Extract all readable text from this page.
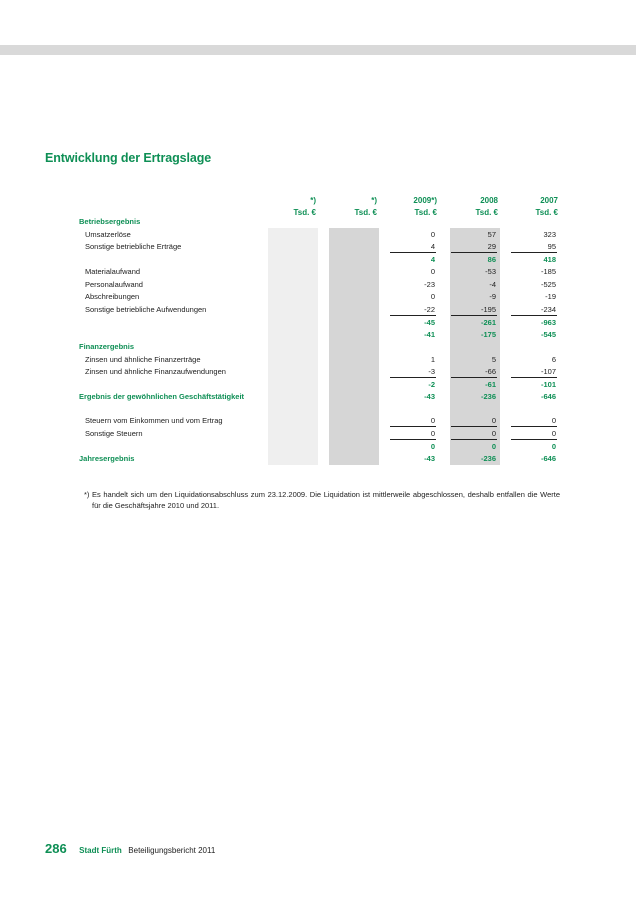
Entwicklung der Ertragslage
*)	*)	2009*)	2008	2007
Tsd. €	Tsd. €	Tsd. €	Tsd. €	Tsd. €
Betriebsergebnis
Umsatzerlöse	0	57	323
Sonstige betriebliche Erträge	4	29	95
4	86	418
Materialaufwand	0	-53	-185
Personalaufwand	-23	-4	-525
Abschreibungen	0	-9	-19
Sonstige betriebliche Aufwendungen	-22	-195	-234
-45	-261	-963
-41	-175	-545
Finanzergebnis
Zinsen und ähnliche Finanzerträge	1	5	6
Zinsen und ähnliche Finanzaufwendungen	-3	-66	-107
-2	-61	-101
Ergebnis der gewöhnlichen Geschäftstätigkeit	-43	-236	-646
Steuern vom Einkommen und vom Ertrag	0	0	0
Sonstige Steuern	0	0	0
0	0	0
Jahresergebnis	-43	-236	-646
*) Es handelt sich um den Liquidationsabschluss zum 23.12.2009. Die Liquidation ist mittlerweile abgeschlossen, deshalb entfallen die Werte für die Geschäftsjahre 2010 und 2011.

286 Stadt Fürth Beteiligungsbericht 2011
